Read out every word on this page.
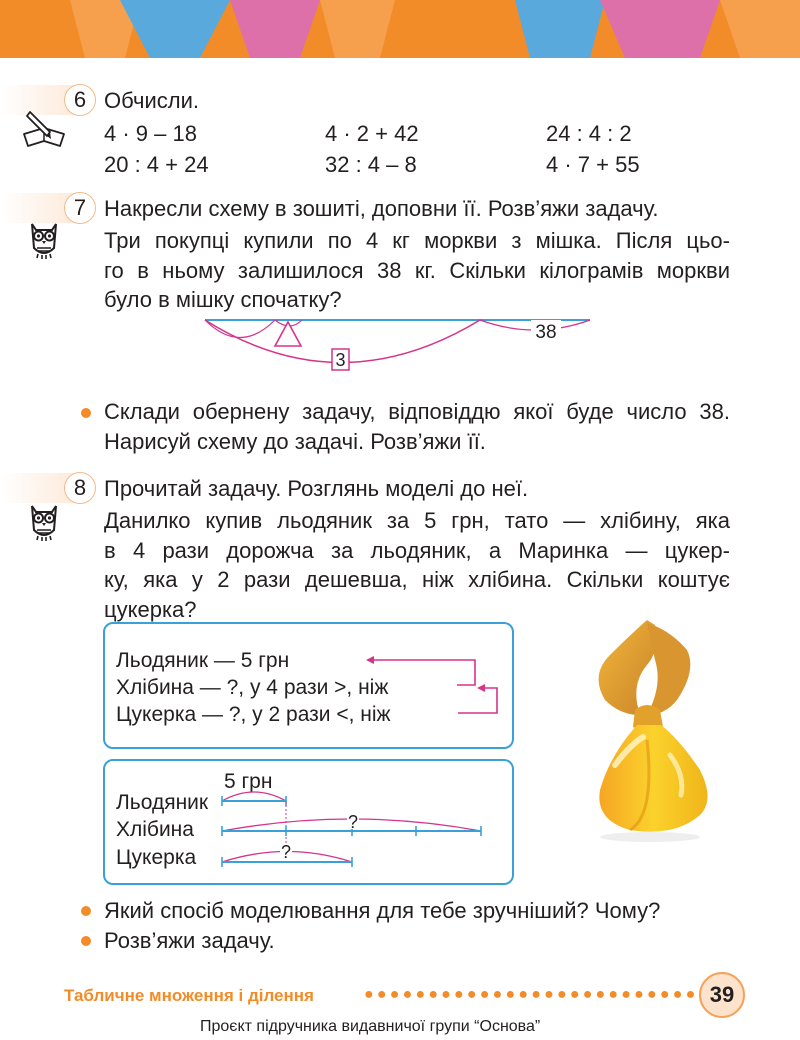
6 Обчисли.
4 · 9 – 18	4 · 2 + 42	24 : 4 : 2
20 : 4 + 24	32 : 4 – 8	4 · 7 + 55
7 Накресли схему в зошиті, доповни її. Розв’яжи задачу.
Три покупці купили по 4 кг моркви з мішка. Після цьо-
го в ньому залишилося 38 кг. Скільки кілограмів моркви
було в мішку спочатку?
38
3
Склади обернену задачу, відповіддю якої буде число 38.
Нарисуй схему до задачі. Розв’яжи її.
8 Прочитай задачу. Розглянь моделі до неї.
Данилко купив льодяник за 5 грн, тато — хлібину, яка
в 4 рази дорожча за льодяник, а Маринка — цукер-
ку, яка у 2 рази дешевша, ніж хлібина. Скільки коштує
цукерка?
Льодяник — 5 грн
Хлібина — ?, у 4 рази >, ніж
Цукерка — ?, у 2 рази <, ніж
5 грн
Льодяник
Хлібина
Цукерка
?
?
Який спосіб моделювання для тебе зручніший? Чому?
Розв’яжи задачу.
Табличне множення і ділення	●●●●●●●●●●●●●●●●●●●●●●●●●● 39
Проєкт підручника видавничої групи “Основа”
